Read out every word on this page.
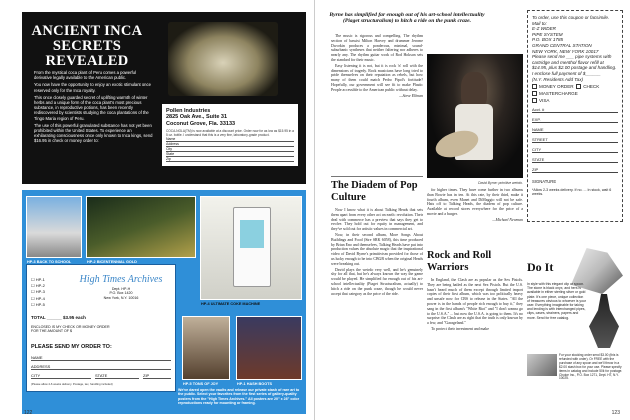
ANCIENT INCA SECRETS REVEALED

From the mystical coca plant of Peru comes a powerful derivative legally available to the American public.

You now have the opportunity to enjoy an exotic stimulant once reserved only for the Inca royalty.

This once closely guarded secret of uplifting warmth of winter herbs and a unique form of the coca plant's most precious substance, in reproductive potions, has been recently rediscovered by scientists studying the coca plantations of the Tingo Maria region of Peru.

The use of this powerful granulated substance has not yet been prohibited within the United States. To experience an exhilarating consciousness once only known to Inca kings, send $16.95 in check or money order to:

Pollen Industries
2825 Oak Ave., Suite 31
Coconut Grove, Fla. 33133
COCA-NOLA(TM) is now available at a discount price. Order now for as low as $15.95 in a 5 oz. bottle. I understand that this is a very fine, laboratory-grade product.
Name
Address
City
State
Zip
HP-3 BACK TO SCHOOL	HP-2 BICENTENNIAL GOLD
HP-4 ULTIMATE COKE MACHINE
HP-5 TONS OF JOY	HP-1 HASH BOOTS
☐ HP-1
☐ HP-2
☐ HP-3
☐ HP-4
☐ HP-5
High Times Archives
Dept. HP-H
P.O. Box 1420
New York, N.Y. 10016
TOTAL ______ $3.95 each
ENCLOSED IS MY CHECK OR MONEY ORDER FOR THE AMOUNT OF $
PLEASE SEND MY ORDER TO:
NAME
ADDRESS
CITY	STATE	ZIP
(Please allow 4-6 weeks delivery. Postage, tax, handling included)
We've dared open the vaults and release our private stash of rare art to the public. Select your favorites from the first series of gallery-quality posters from the "High Times Archives." All posters are 20" x 28" color reproductions ready for mounting or framing.
122
Byrne has simplified far enough out of his art-school intellectuality (Piaget structuralism) to hitch a ride on the punk craze.

The music is rigorous and compelling. The rhythm section of bassist Milton Harvey and drummer Jerome Dworkin produces a ponderous, minimal, sound-suburbanic syntheses that neither faltering nor adheres to nearly any. The rhythm guitar work of Rod Hokson sets the standard for their music.

Easy listening it is not, but it is rock 'n' roll with the dimensions of tragedy. Rock musicians have long tried to pride themselves on their reputation as rebels, but how many of them could match Pedro Pipol's fortitude? Hopefully, our government will see fit to make Plastic People accessible to the American public without delay.

—Steve Ellman

The Diadem of Pop Culture

Now I know what it is about Talking Heads that sets them apart from every other act on earth: revolution. Their deal with commerce has a preview that says they get to evolve. They hold out for equity in management, and they've sold out for artistic values in commercial art.

Now, in their second album, More Songs About Buildings and Food (Sire SRK 6058), this time produced by Brian Eno and themselves, Talking Heads have put into production values the absolute magic that the inspirational video of David Byrne's primitivism provided for those of us lucky enough to be into CBGB when the original Heads were breaking out.

David plays the weirdo very well, and he's genuinely shy for all that, but he's always known the way the game would be played. He simplified far enough out of his art-school intellectuality (Piaget Structuralism, actually) to hitch a ride on the punk craze, though he would never accept that category as the price of the ride.

David Byrne: primitive weirdo.

for higher times. They have come further in two albums than Bowie has in ten. At this rate, by their third, make it fourth album, even Manet and DiMaggio will not be safe. Hats off to Talking Heads, the diadem of pop culture. Available at record stores everywhere for the price of a movie and a burger.

—Michael Newman

Rock and Roll Warriors

In England, the Clash are as popular as the Sex Pistols. They are being hailed as the next Sex Pistols. But the U.S. hasn't heard much of them except through limited import copies of their first album, which was too politically heavy and unsafe now for CBS to release in the States. "All the power is in the hands of people rich enough to buy it," they sang in the first album's "White Riot" and "I don't wanna go to the U.S.A." ... but now the U.S.A. is going to them. It's no surprise: the Clash are as right that the truth is only known by a few, and "Garageland."

To protect their investment and make

To order, use this coupon or facsimile. Mail to:
E-Z WIDER
PIPE SYSTEM
P.O. BOX 1785
GRAND CENTRAL STATION
NEW YORK, NEW YORK 10017
Please send me ___ pipe systems with cartridge and menthol flavor refill at $14.95, plus $2.00 postage and handling. I enclose full payment of $______
(N.Y. Residents Add Tax)
MONEY ORDER CHECK
MASTERCHARGE
VISA
Acct. #
EXP.
NAME
STREET
CITY
STATE
ZIP
SIGNATURE
*Allow 2-3 weeks delivery. If no. ... In stock, wait 6 weeks.
Do It
In style with this elegant clip or spoon. The stone is black onyx, and hers is available in either sterling silver or gold plate. It's one piece, unique collection of treasures obvious to whoever is your user. Everything imaginable for taking and lending is with interchanged pipes, clips, cases, strainers, papers and more. Send for free catalog.
For your stocking order send $3.00 (this is refunded with order). Or FREE with the purchase of any spoon and we'll throw in a $2.00 stash box for your use. Please specify items in catalog and include 50¢ for postage. Choice Inc., P.O. Box 1271, Dept. HT, N.Y. 10025.
123
